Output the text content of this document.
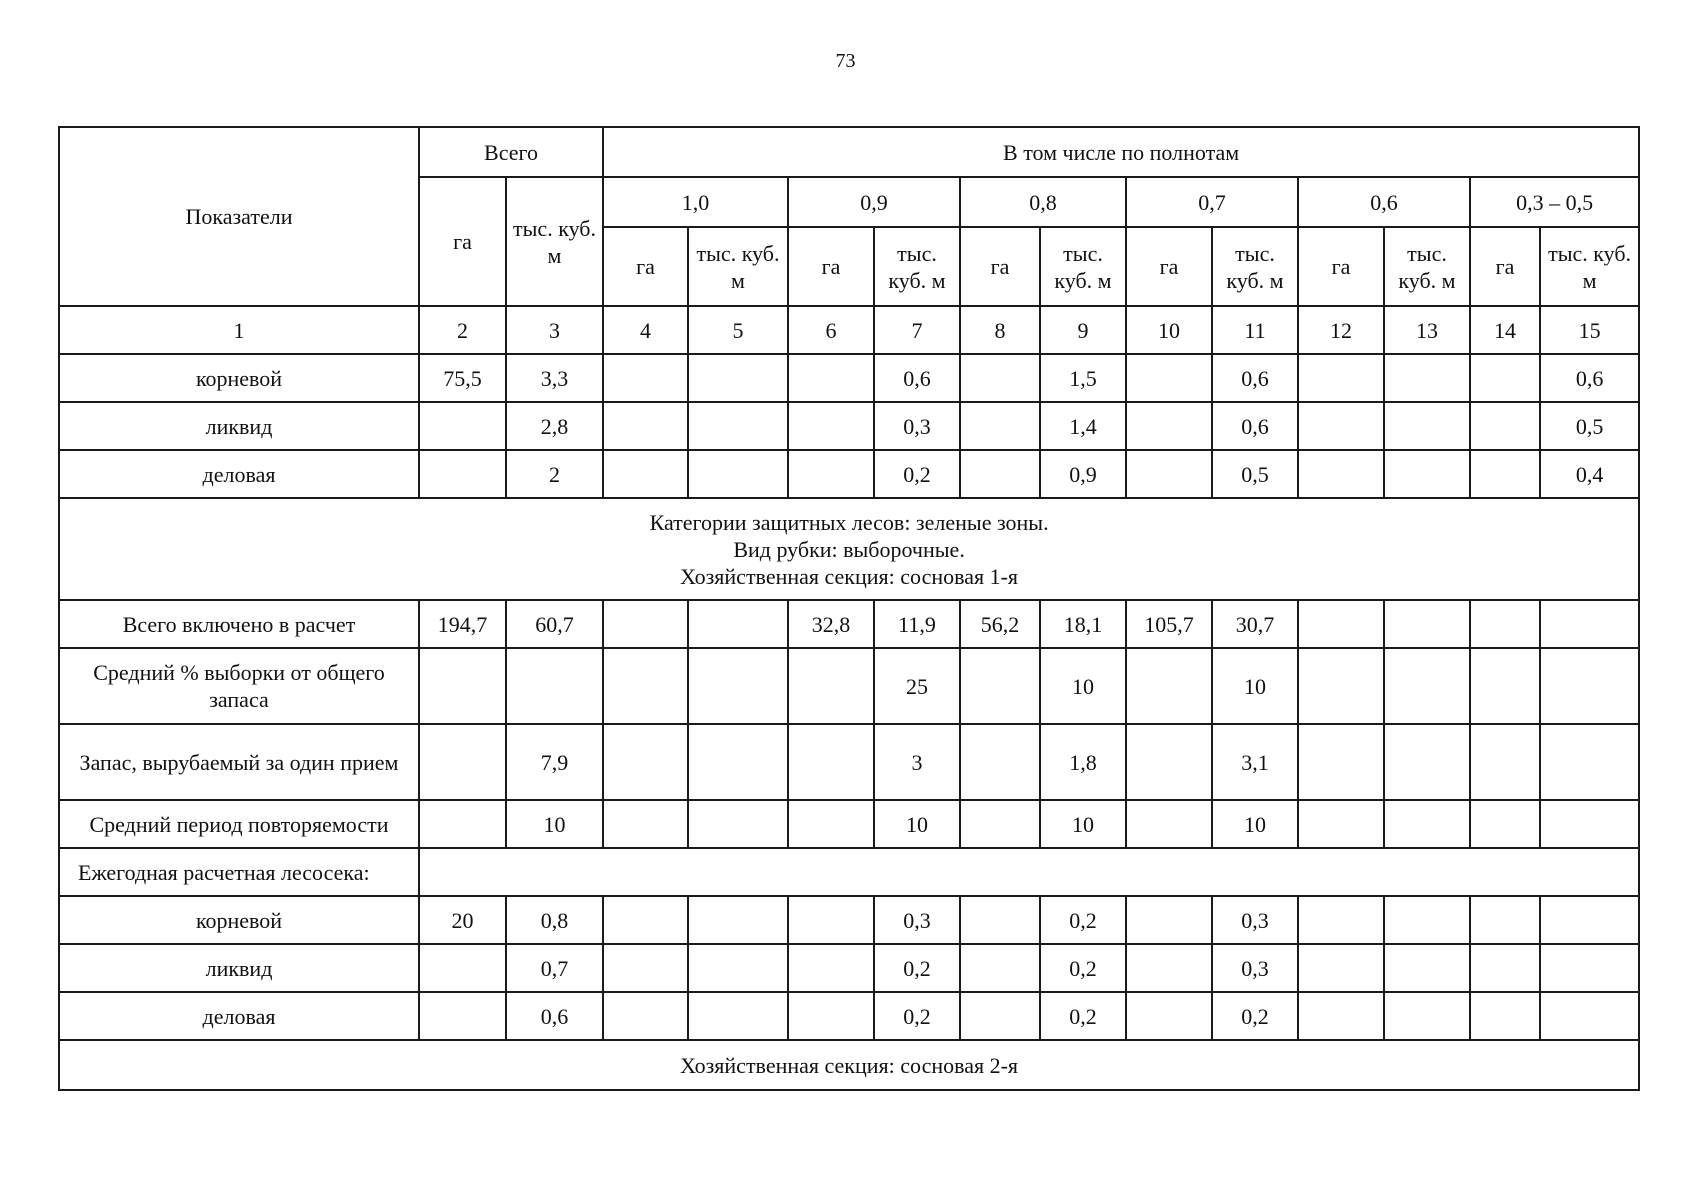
73
Показатели	Всего		В том числе по полнотам											
	га	тыс. куб. м	1,0		0,9		0,8		0,7		0,6		0,3 – 0,5	
			га	тыс. куб. м	га	тыс. куб. м	га	тыс. куб. м	га	тыс. куб. м	га	тыс. куб. м	га	тыс. куб. м
1	2	3	4	5	6	7	8	9	10	11	12	13	14	15
корневой	75,5	3,3				0,6		1,5		0,6				0,6
ликвид		2,8				0,3		1,4		0,6				0,5
деловая		2				0,2		0,9		0,5				0,4

Категории защитных лесов: зеленые зоны.
Вид рубки: выборочные.
Хозяйственная секция: сосновая 1-я														

Всего включено в расчет	194,7	60,7			32,8	11,9	56,2	18,1	105,7	30,7				
Средний % выборки от общего запаса						25		10		10				
Запас, вырубаемый за один прием		7,9				3		1,8		3,1				
Средний период повторяемости		10				10		10		10				
Ежегодная расчетная лесосека:														
корневой	20	0,8				0,3		0,2		0,3				
ликвид		0,7				0,2		0,2		0,3				
деловая		0,6				0,2		0,2		0,2				
Хозяйственная секция: сосновая 2-я														
